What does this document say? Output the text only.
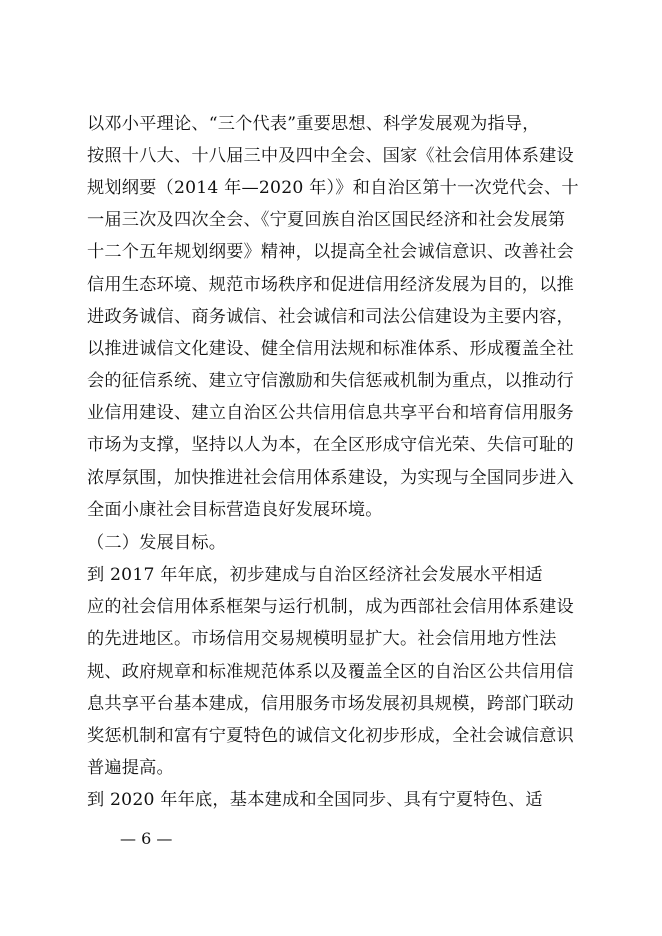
以邓小平理论、“三个代表”重要思想、科学发展观为指导，
按照十八大、十八届三中及四中全会、国家《社会信用体系建设
规划纲要（2014 年—2020 年）》和自治区第十一次党代会、十
一届三次及四次全会、《宁夏回族自治区国民经济和社会发展第
十二个五年规划纲要》精神，以提高全社会诚信意识、改善社会
信用生态环境、规范市场秩序和促进信用经济发展为目的，以推
进政务诚信、商务诚信、社会诚信和司法公信建设为主要内容，
以推进诚信文化建设、健全信用法规和标准体系、形成覆盖全社
会的征信系统、建立守信激励和失信惩戒机制为重点，以推动行
业信用建设、建立自治区公共信用信息共享平台和培育信用服务
市场为支撑，坚持以人为本，在全区形成守信光荣、失信可耻的
浓厚氛围，加快推进社会信用体系建设，为实现与全国同步进入
全面小康社会目标营造良好发展环境。
（二）发展目标。
到 2017 年年底，初步建成与自治区经济社会发展水平相适
应的社会信用体系框架与运行机制，成为西部社会信用体系建设
的先进地区。市场信用交易规模明显扩大。社会信用地方性法
规、政府规章和标准规范体系以及覆盖全区的自治区公共信用信
息共享平台基本建成，信用服务市场发展初具规模，跨部门联动
奖惩机制和富有宁夏特色的诚信文化初步形成，全社会诚信意识
普遍提高。
到 2020 年年底，基本建成和全国同步、具有宁夏特色、适
— 6 —
